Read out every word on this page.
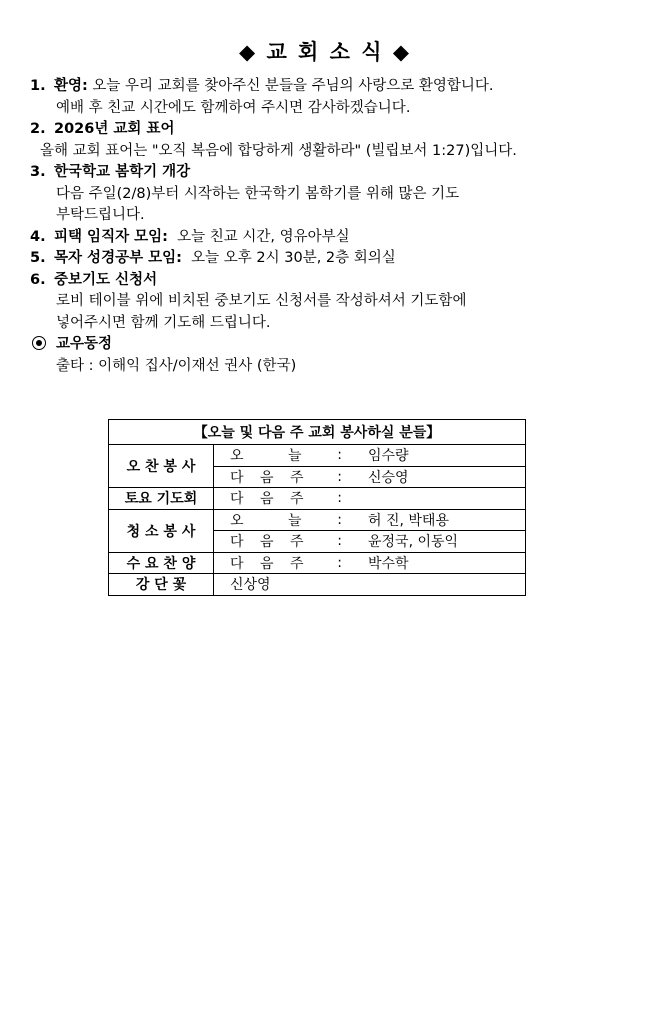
◆ 교 회 소 식 ◆
1. 환영: 오늘 우리 교회를 찾아주신 분들을 주님의 사랑으로 환영합니다.
예배 후 친교 시간에도 함께하여 주시면 감사하겠습니다.
2. 2026년 교회 표어
올해 교회 표어는 "오직 복음에 합당하게 생활하라" (빌립보서 1:27)입니다.
3. 한국학교 봄학기 개강
다음 주일(2/8)부터 시작하는 한국학기 봄학기를 위해 많은 기도
부탁드립니다.
4. 피택 임직자 모임:  오늘 친교 시간, 영유아부실
5. 목자 성경공부 모임:  오늘 오후 2시 30분, 2층 회의실
6. 중보기도 신청서
로비 테이블 위에 비치된 중보기도 신청서를 작성하셔서 기도함에
넣어주시면 함께 기도해 드립니다.
교우동정
출타 : 이해익 집사/이재선 권사 (한국)
【오늘 및 다음 주 교회 봉사하실 분들】	
오 찬 봉 사	오 늘 : 임수량

	다 음 주 : 신승영
토요 기도회	다 음 주 :

청 소 봉 사	오 늘 : 허 진, 박태용

	다 음 주 : 윤정국, 이동익
수 요 찬 양	다 음 주 : 박수학
강 단 꽃	신상영
